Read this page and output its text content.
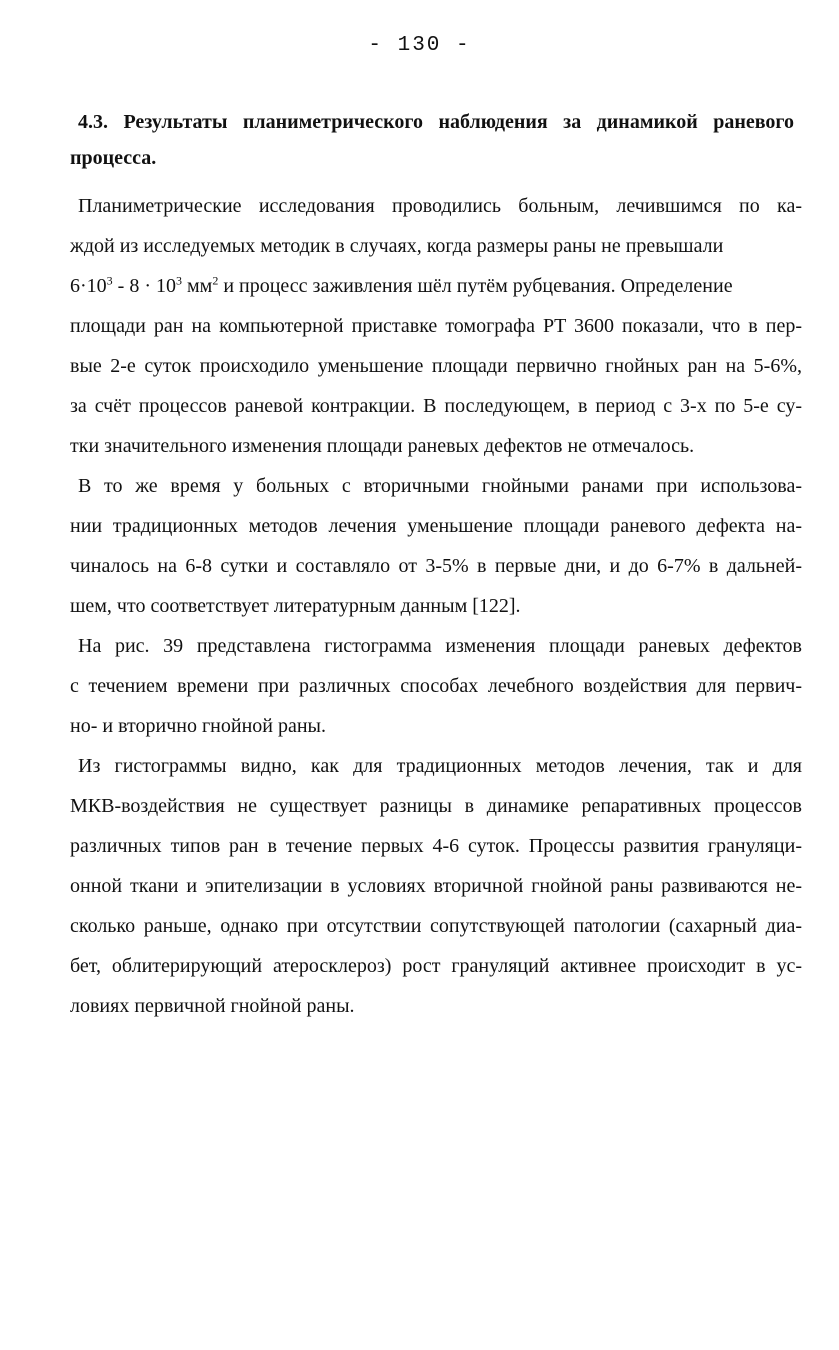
- 130 -
4.3. Результаты планиметрического наблюдения за динамикой раневого
процесса.
Планиметрические исследования проводились больным, лечившимся по ка-
ждой из исследуемых методик в случаях, когда размеры раны не превышали
$6\cdot 10^3 - 8 \cdot 10^3$ $мм^2$ и процесс заживления шёл путём рубцевания. Определение
площади ран на компьютерной приставке томографа PT 3600 показали, что в пер-
вые 2-е суток происходило уменьшение площади первично гнойных ран на 5-6%,
за счёт процессов раневой контракции. В последующем, в период с 3-х по 5-е су-
тки значительного изменения площади раневых дефектов не отмечалось.
В то же время у больных с вторичными гнойными ранами при использова-
нии традиционных методов лечения уменьшение площади раневого дефекта на-
чиналось на 6-8 сутки и составляло от 3-5% в первые дни, и до 6-7% в дальней-
шем, что соответствует литературным данным [122].
На рис. 39 представлена гистограмма изменения площади раневых дефектов
с течением времени при различных способах лечебного воздействия для первич-
но- и вторично гнойной раны.
Из гистограммы видно, как для традиционных методов лечения, так и для
МКВ-воздействия не существует разницы в динамике репаративных процессов
различных типов ран в течение первых 4-6 суток. Процессы развития грануляци-
онной ткани и эпителизации в условиях вторичной гнойной раны развиваются не-
сколько раньше, однако при отсутствии сопутствующей патологии (сахарный диа-
бет, облитерирующий атеросклероз) рост грануляций активнее происходит в ус-
ловиях первичной гнойной раны.
